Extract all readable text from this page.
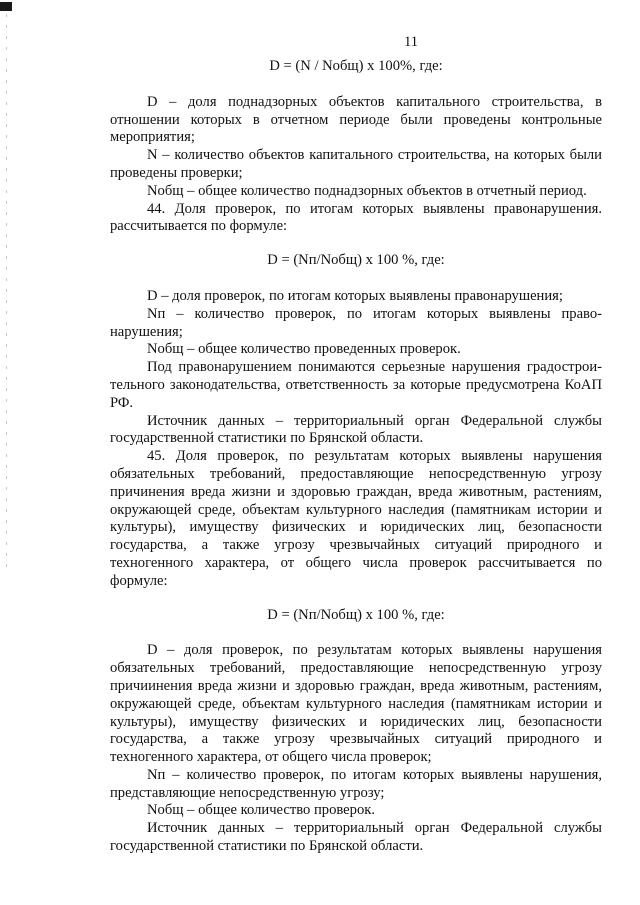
11
D = (N / Nобщ) х 100%, где:

D – доля поднадзорных объектов капитального строительства, в отношении которых в отчетном периоде были проведены контрольные мероприятия;

N – количество объектов капитального строительства, на которых были проведены проверки;

Nобщ – общее количество поднадзорных объектов в отчетный период.

44. Доля проверок, по итогам которых выявлены правонарушения. рассчитывается по формуле:

D = (Nп/Nобщ) х 100 %, где:

D – доля проверок, по итогам которых выявлены правонарушения;

Nп – количество проверок, по итогам которых выявлены право-нарушения;

Nобщ – общее количество проведенных проверок.

Под правонарушением понимаются серьезные нарушения градострои-тельного законодательства, ответственность за которые предусмотрена КоАП РФ.

Источник данных – территориальный орган Федеральной службы государственной статистики по Брянской области.

45. Доля проверок, по результатам которых выявлены нарушения обязательных требований, предоставляющие непосредственную угрозу причинения вреда жизни и здоровью граждан, вреда животным, растениям, окружающей среде, объектам культурного наследия (памятникам истории и культуры), имуществу физических и юридических лиц, безопасности государства, а также угрозу чрезвычайных ситуаций природного и техногенного характера, от общего числа проверок рассчитывается по формуле:

D = (Nп/Nобщ) х 100 %, где:

D – доля проверок, по результатам которых выявлены нарушения обязательных требований, предоставляющие непосредственную угрозу причиинения вреда жизни и здоровью граждан, вреда животным, растениям, окружающей среде, объектам культурного наследия (памятникам истории и культуры), имуществу физических и юридических лиц, безопасности государства, а также угрозу чрезвычайных ситуаций природного и техногенного характера, от общего числа проверок;

Nп – количество проверок, по итогам которых выявлены нарушения, представляющие непосредственную угрозу;

Nобщ – общее количество проверок.

Источник данных – территориальный орган Федеральной службы государственной статистики по Брянской области.
